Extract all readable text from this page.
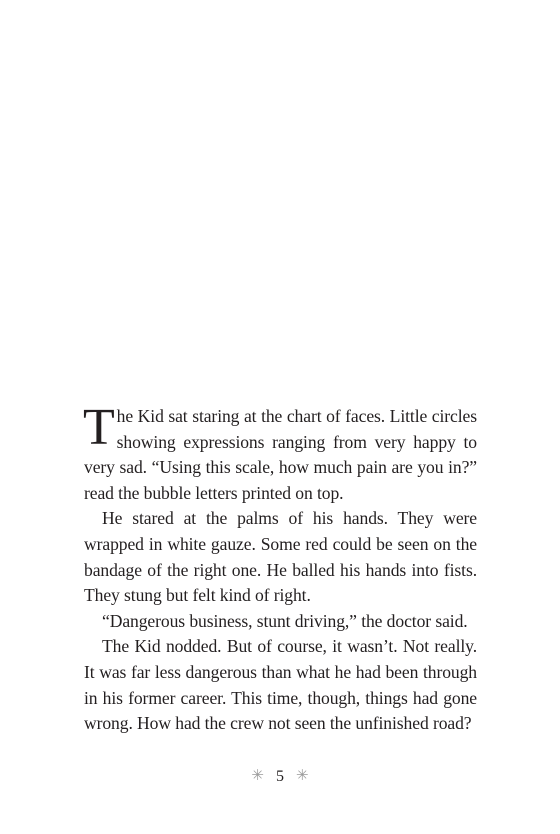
The Kid sat staring at the chart of faces. Little circles showing expressions ranging from very happy to very sad. “Using this scale, how much pain are you in?” read the bubble letters printed on top.

He stared at the palms of his hands. They were wrapped in white gauze. Some red could be seen on the bandage of the right one. He balled his hands into fists. They stung but felt kind of right.

“Dangerous business, stunt driving,” the doctor said.

The Kid nodded. But of course, it wasn’t. Not really. It was far less dangerous than what he had been through in his former career. This time, though, things had gone wrong. How had the crew not seen the unfinished road?

✳ 5 ✳
